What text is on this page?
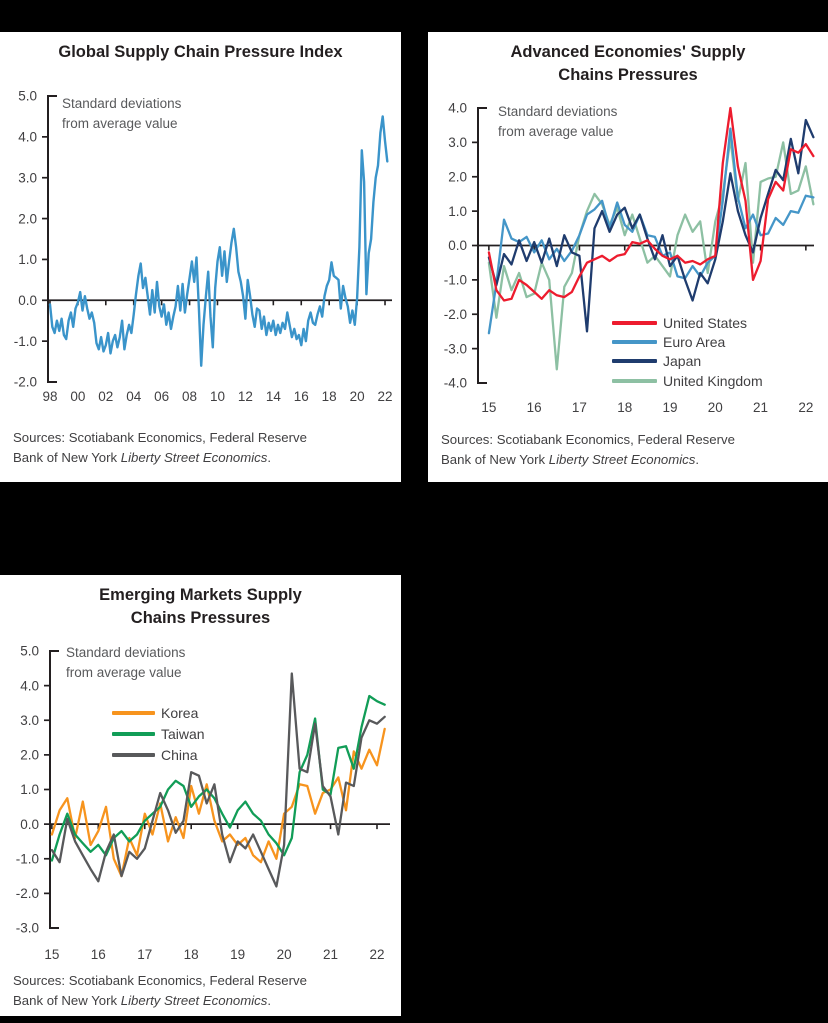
Global Supply Chain Pressure Index
5.0
4.0
3.0
2.0
1.0
0.0
-1.0
-2.0
98 00 02 04 06 08 10 12 14 16 18 20 22
Standard deviations
from average value
Sources: Scotiabank Economics, Federal Reserve
Bank of New York Liberty Street Economics.
Advanced Economies' Supply
Chains Pressures
4.0
3.0
2.0
1.0
0.0
-1.0
-2.0
-3.0
-4.0
15 16 17 18 19 20 21 22
Standard deviations
from average value
United States
Euro Area
Japan
United Kingdom
Sources: Scotiabank Economics, Federal Reserve
Bank of New York Liberty Street Economics.
Emerging Markets Supply
Chains Pressures
5.0
4.0
3.0
2.0
1.0
0.0
-1.0
-2.0
-3.0
15 16 17 18 19 20 21 22
Standard deviations
from average value
Korea
Taiwan
China
Sources: Scotiabank Economics, Federal Reserve
Bank of New York Liberty Street Economics.
